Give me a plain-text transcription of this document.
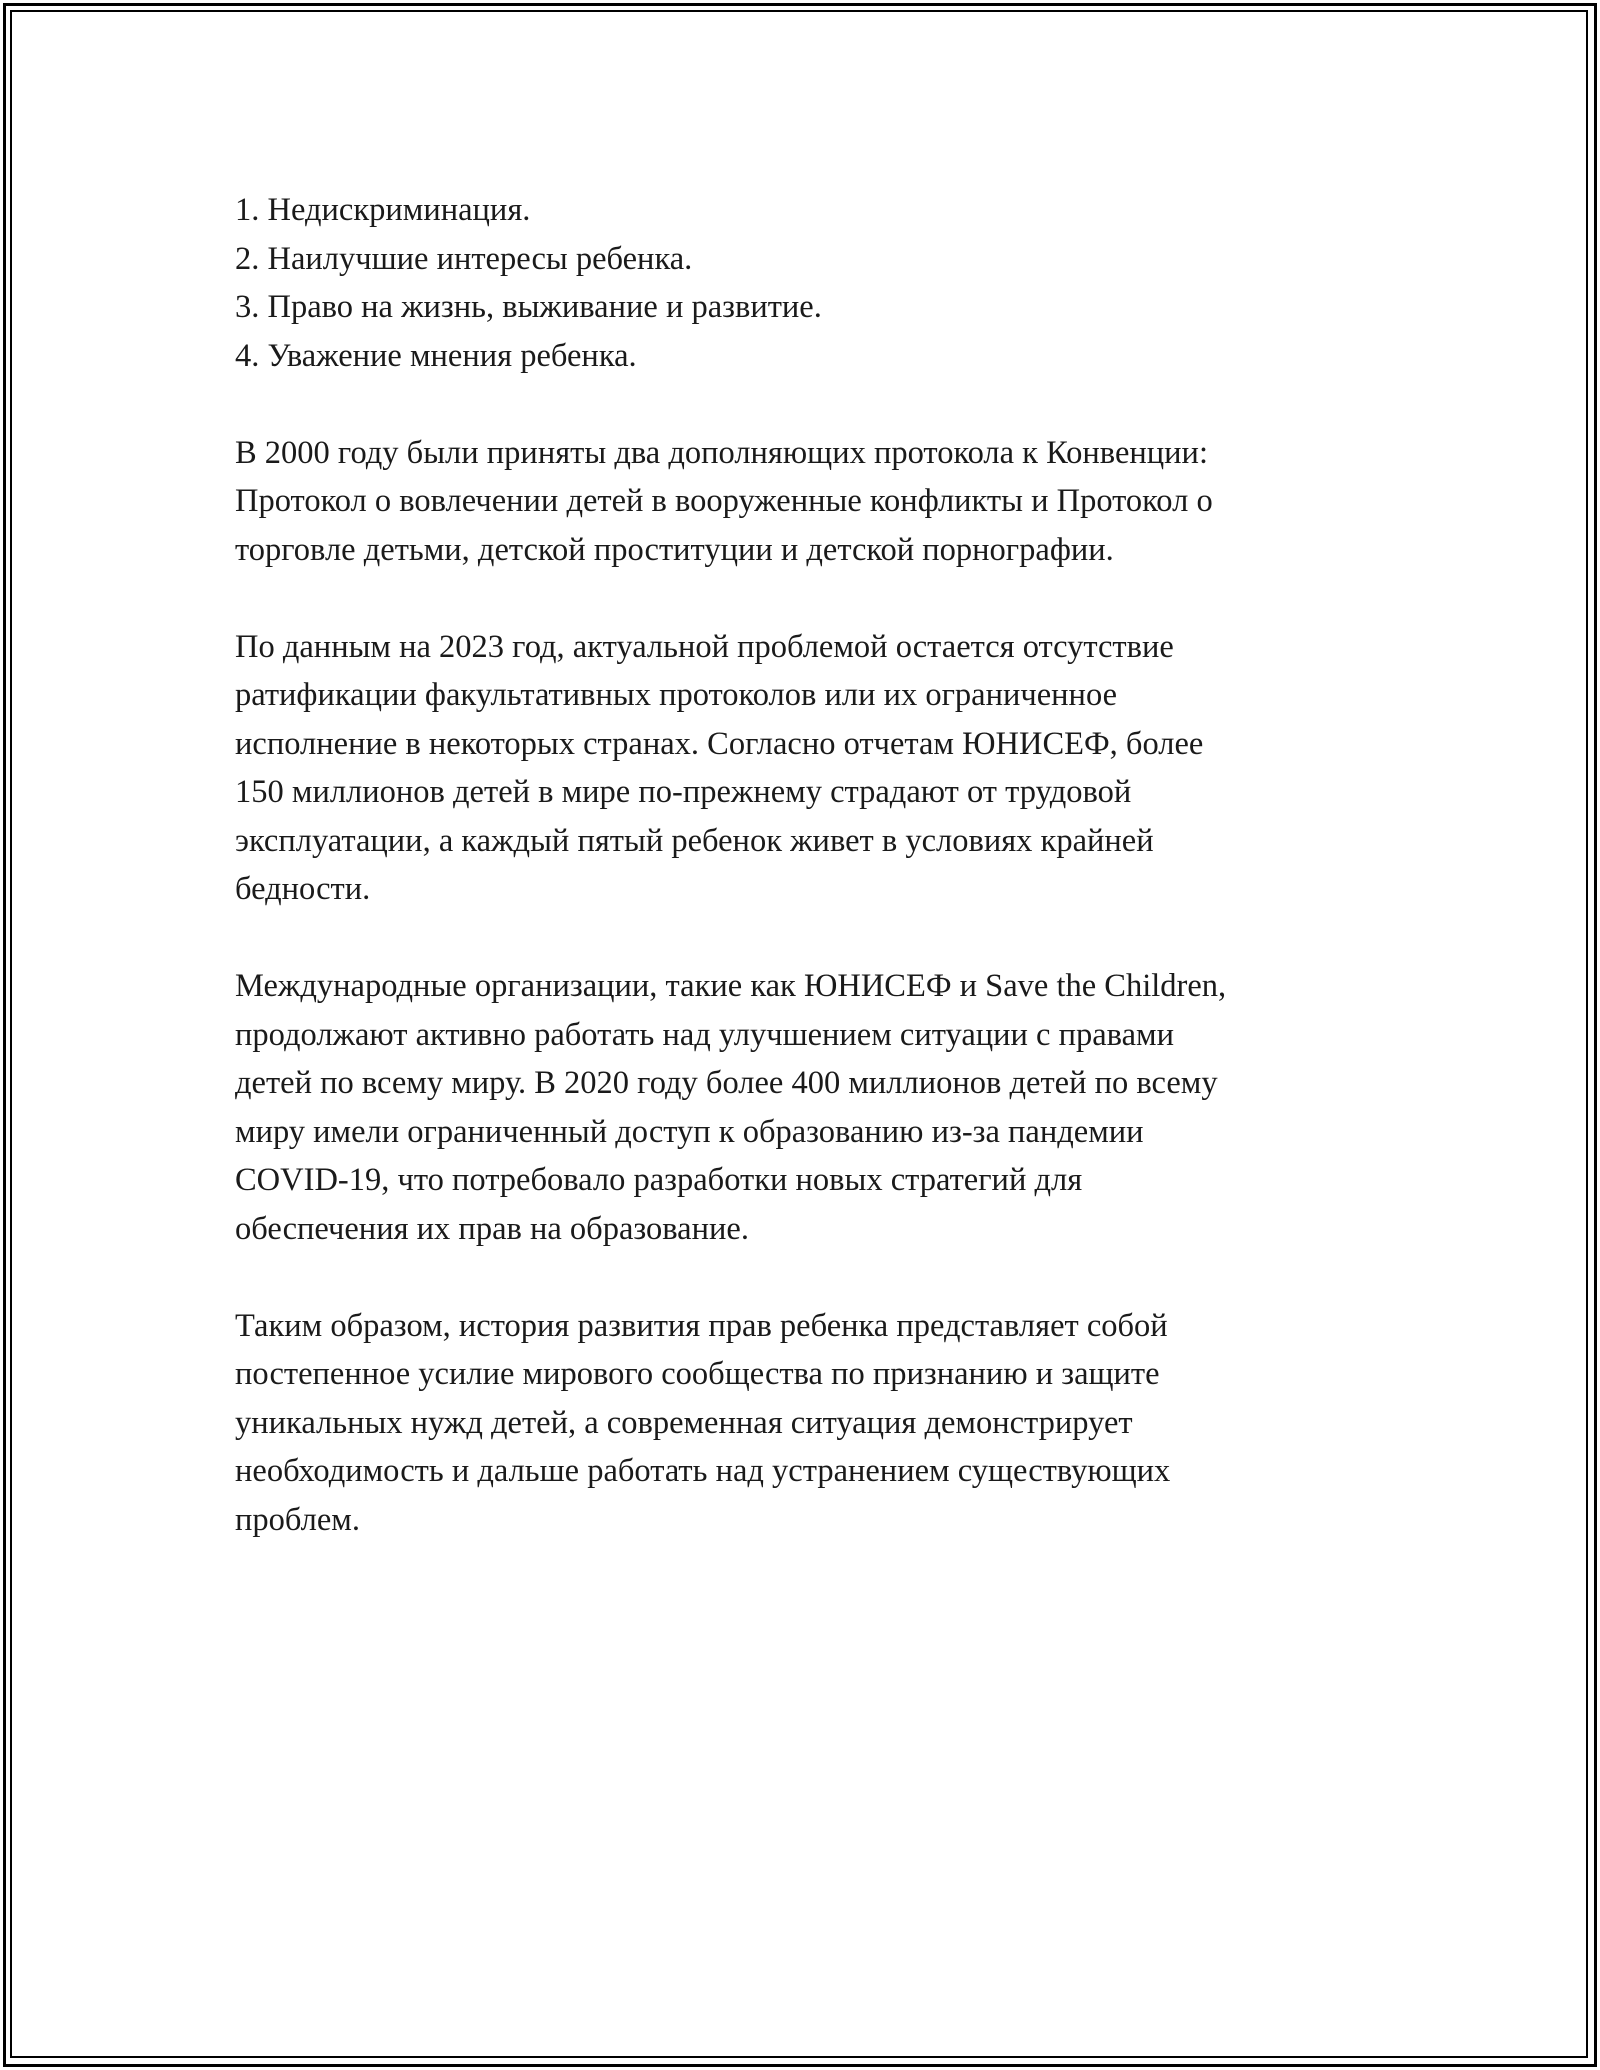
1. Недискриминация.
2. Наилучшие интересы ребенка.
3. Право на жизнь, выживание и развитие.
4. Уважение мнения ребенка.

В 2000 году были приняты два дополняющих протокола к Конвенции:
Протокол о вовлечении детей в вооруженные конфликты и Протокол о
торговле детьми, детской проституции и детской порнографии.

По данным на 2023 год, актуальной проблемой остается отсутствие
ратификации факультативных протоколов или их ограниченное
исполнение в некоторых странах. Согласно отчетам ЮНИСЕФ, более
150 миллионов детей в мире по-прежнему страдают от трудовой
эксплуатации, а каждый пятый ребенок живет в условиях крайней
бедности.

Международные организации, такие как ЮНИСЕФ и Save the Children,
продолжают активно работать над улучшением ситуации с правами
детей по всему миру. В 2020 году более 400 миллионов детей по всему
миру имели ограниченный доступ к образованию из-за пандемии
COVID-19, что потребовало разработки новых стратегий для
обеспечения их прав на образование.

Таким образом, история развития прав ребенка представляет собой
постепенное усилие мирового сообщества по признанию и защите
уникальных нужд детей, а современная ситуация демонстрирует
необходимость и дальше работать над устранением существующих
проблем.
